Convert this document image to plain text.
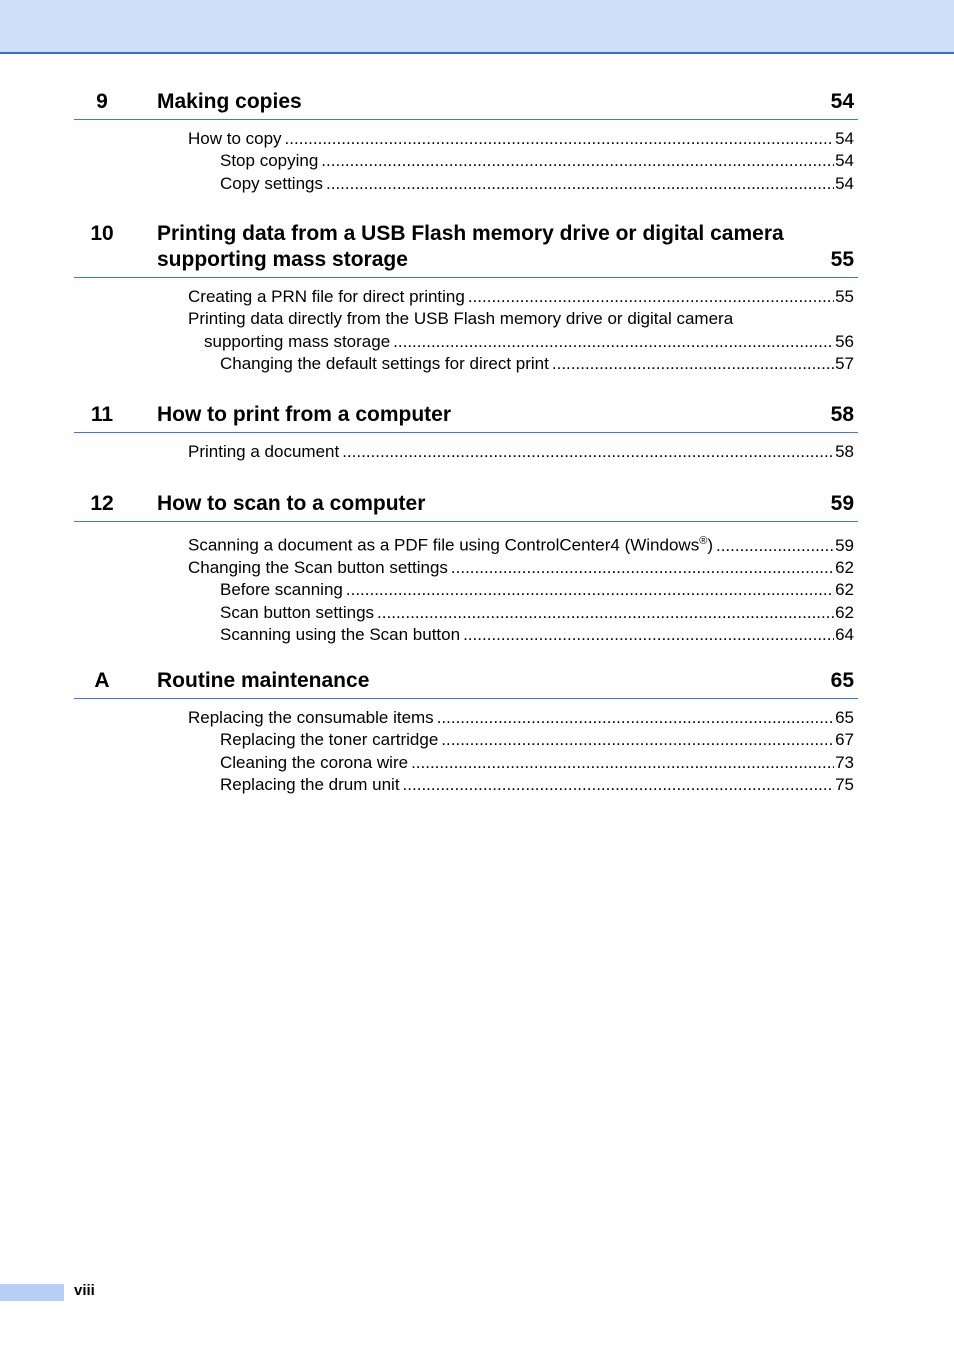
9	Making copies	54
How to copy .....	54
Stop copying .....	54
Copy settings .....	54
10	Printing data from a USB Flash memory drive or digital camera
supporting mass storage	55
Creating a PRN file for direct printing .....	55
Printing data directly from the USB Flash memory drive or digital camera
supporting mass storage .....	56
Changing the default settings for direct print .....	57
11	How to print from a computer	58
Printing a document .....	58
12	How to scan to a computer	59
Scanning a document as a PDF file using ControlCenter4 (Windows®) .....	59
Changing the Scan button settings .....	62
Before scanning .....	62
Scan button settings .....	62
Scanning using the Scan button .....	64
A	Routine maintenance	65
Replacing the consumable items .....	65
Replacing the toner cartridge .....	67
Cleaning the corona wire .....	73
Replacing the drum unit .....	75
viii
